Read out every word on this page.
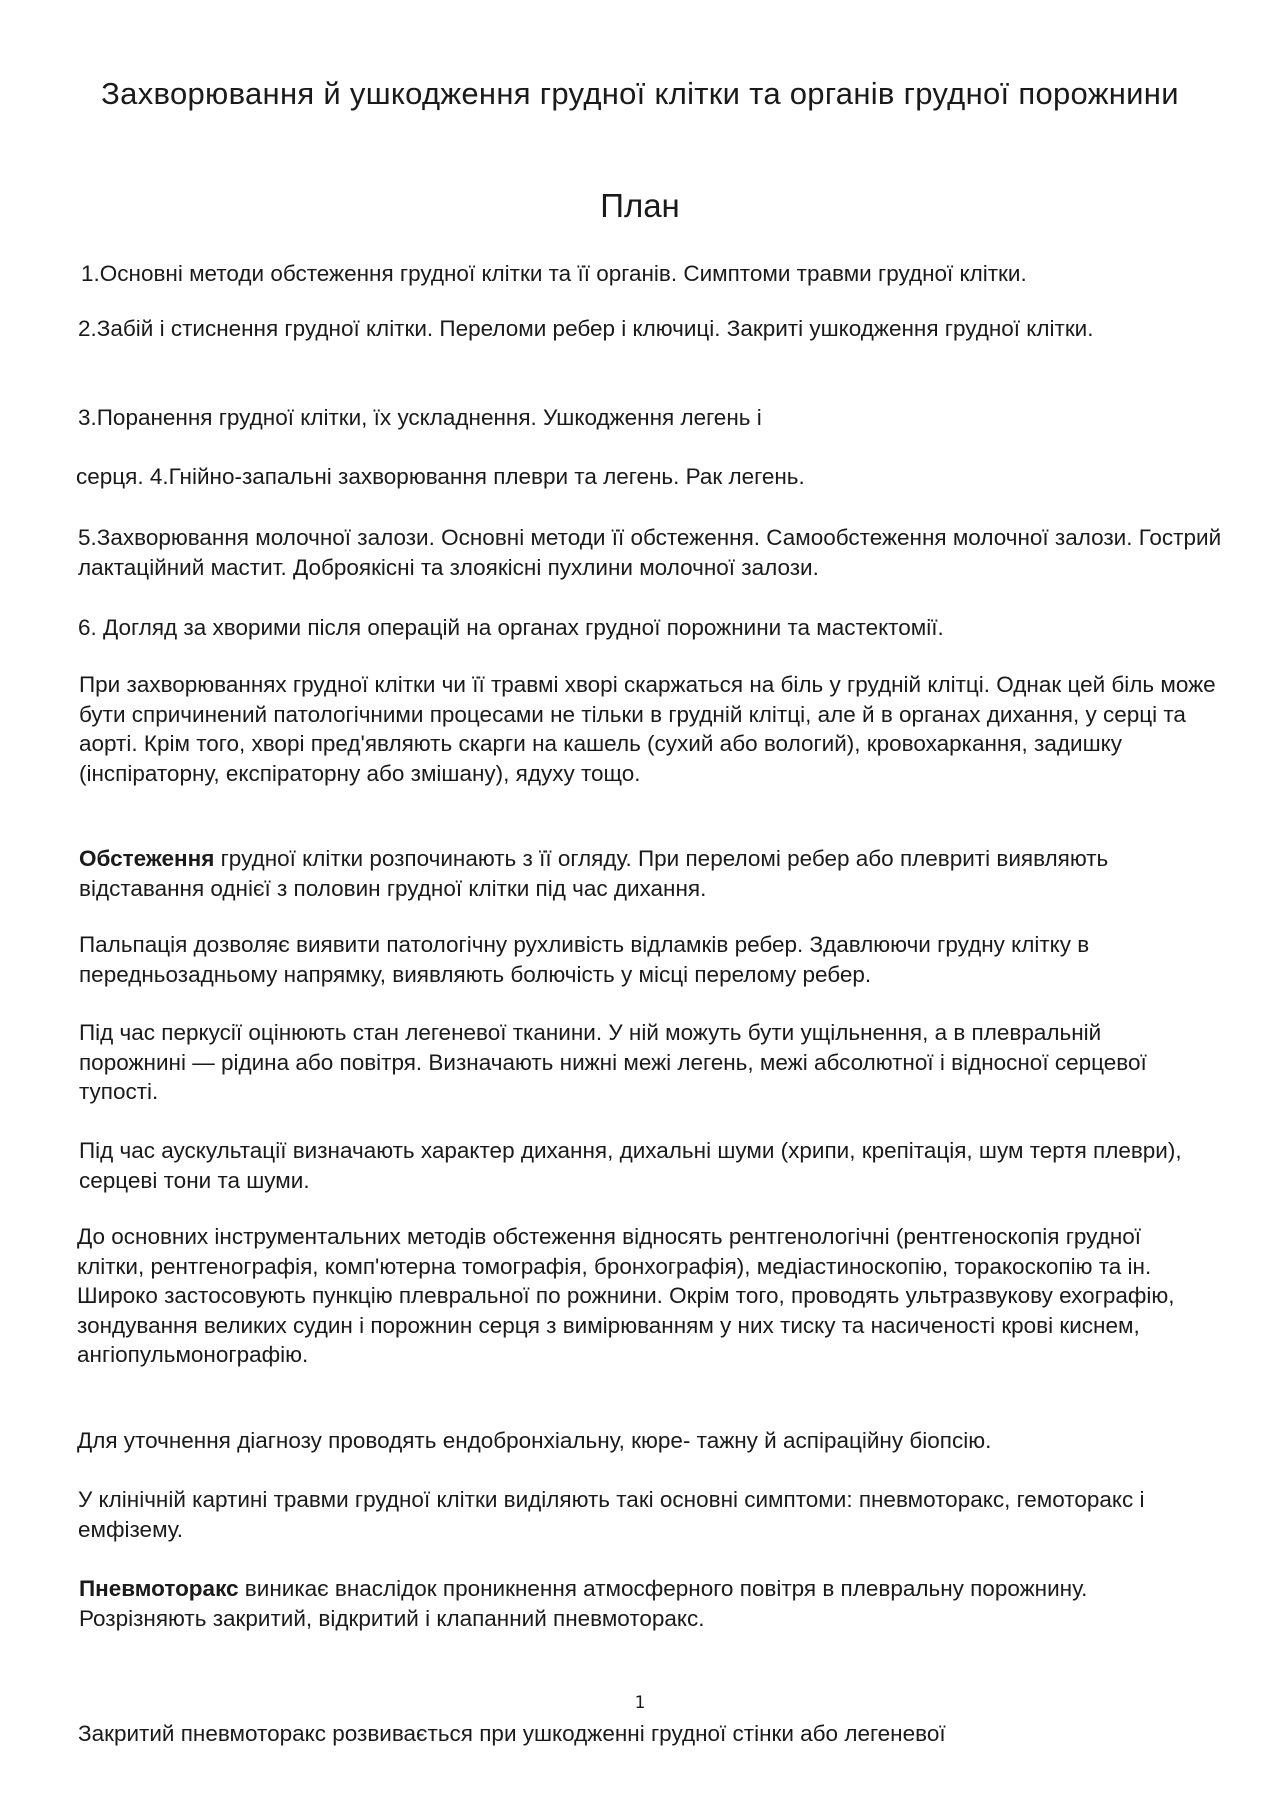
Захворювання й ушкодження грудної клітки та органів грудної порожнини
План

1.Основні методи обстеження грудної клітки та її органів. Симптоми травми грудної клітки.

2.Забій і стиснення грудної клітки. Переломи ребер і ключиці. Закриті ушкодження грудної клітки.

3.Поранення грудної клітки, їх ускладнення. Ушкодження легень і

серця. 4.Гнійно-запальні захворювання плеври та легень. Рак легень.

5.Захворювання молочної залози. Основні методи її обстеження. Самообстеження молочної залози. Гострий лактаційний мастит. Доброякісні та злоякісні пухлини молочної залози.

6. Догляд за хворими після операцій на органах грудної порожнини та мастектомії.

При захворюваннях грудної клітки чи її травмі хворі скаржаться на біль у грудній клітці. Однак цей біль може бути спричинений патологічними процесами не тільки в грудній клітці, але й в органах дихання, у серці та аорті. Крім того, хворі пред'являють скарги на кашель (сухий або вологий), кровохаркання, задишку (інспіраторну, експіраторну або змішану), ядуху тощо.

Обстеження грудної клітки розпочинають з її огляду. При переломі ребер або плевриті виявляють відставання однієї з половин грудної клітки під час дихання.

Пальпація дозволяє виявити патологічну рухливість відламків ребер. Здавлюючи грудну клітку в передньозадньому напрямку, виявляють болючість у місці перелому ребер.

Під час перкусії оцінюють стан легеневої тканини. У ній можуть бути ущільнення, а в плевральній порожнині — рідина або повітря. Визначають нижні межі легень, межі абсолютної і відносної серцевої тупості.

Під час аускультації визначають характер дихання, дихальні шуми (хрипи, крепітація, шум тертя плеври), серцеві тони та шуми.

До основних інструментальних методів обстеження відносять рентгенологічні (рентгеноскопія грудної клітки, рентгенографія, комп'ютерна томографія, бронхографія), медіастиноскопію, торакоскопію та ін. Широко застосовують пункцію плевральної по рожнини. Окрім того, проводять ультразвукову ехографію, зондування великих судин і порожнин серця з вимірюванням у них тиску та насиченості крові киснем, ангіопульмонографію.

Для уточнення діагнозу проводять ендобронхіальну, кюре- тажну й аспіраційну біопсію.

У клінічній картині травми грудної клітки виділяють такі основні симптоми: пневмоторакс, гемоторакс і емфізему.

Пневмоторакс виникає внаслідок проникнення атмосферного повітря в плевральну порожнину. Розрізняють закритий, відкритий і клапанний пневмоторакс.

1

Закритий пневмоторакс розвивається при ушкодженні грудної стінки або легеневої
